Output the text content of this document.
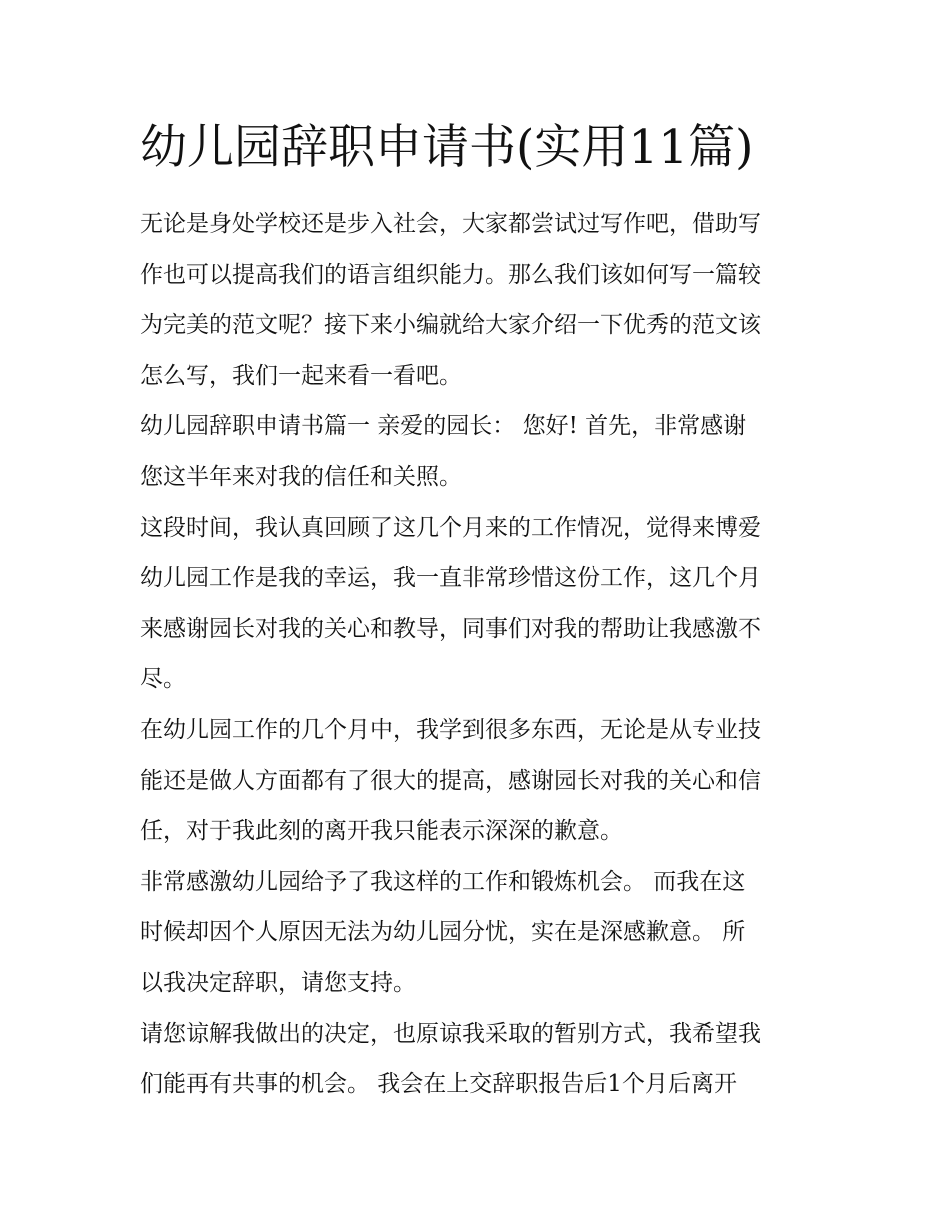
幼儿园辞职申请书(实用11篇)

无论是身处学校还是步入社会，大家都尝试过写作吧，借助写
作也可以提高我们的语言组织能力。那么我们该如何写一篇较
为完美的范文呢？接下来小编就给大家介绍一下优秀的范文该
怎么写，我们一起来看一看吧。

幼儿园辞职申请书篇一 亲爱的园长： 您好! 首先，非常感谢
您这半年来对我的信任和关照。

这段时间，我认真回顾了这几个月来的工作情况，觉得来博爱
幼儿园工作是我的幸运，我一直非常珍惜这份工作，这几个月
来感谢园长对我的关心和教导，同事们对我的帮助让我感激不
尽。

在幼儿园工作的几个月中，我学到很多东西，无论是从专业技
能还是做人方面都有了很大的提高，感谢园长对我的关心和信
任，对于我此刻的离开我只能表示深深的歉意。

非常感激幼儿园给予了我这样的工作和锻炼机会。 而我在这
时候却因个人原因无法为幼儿园分忧，实在是深感歉意。 所
以我决定辞职，请您支持。

请您谅解我做出的决定，也原谅我采取的暂别方式，我希望我
们能再有共事的机会。 我会在上交辞职报告后1个月后离开
